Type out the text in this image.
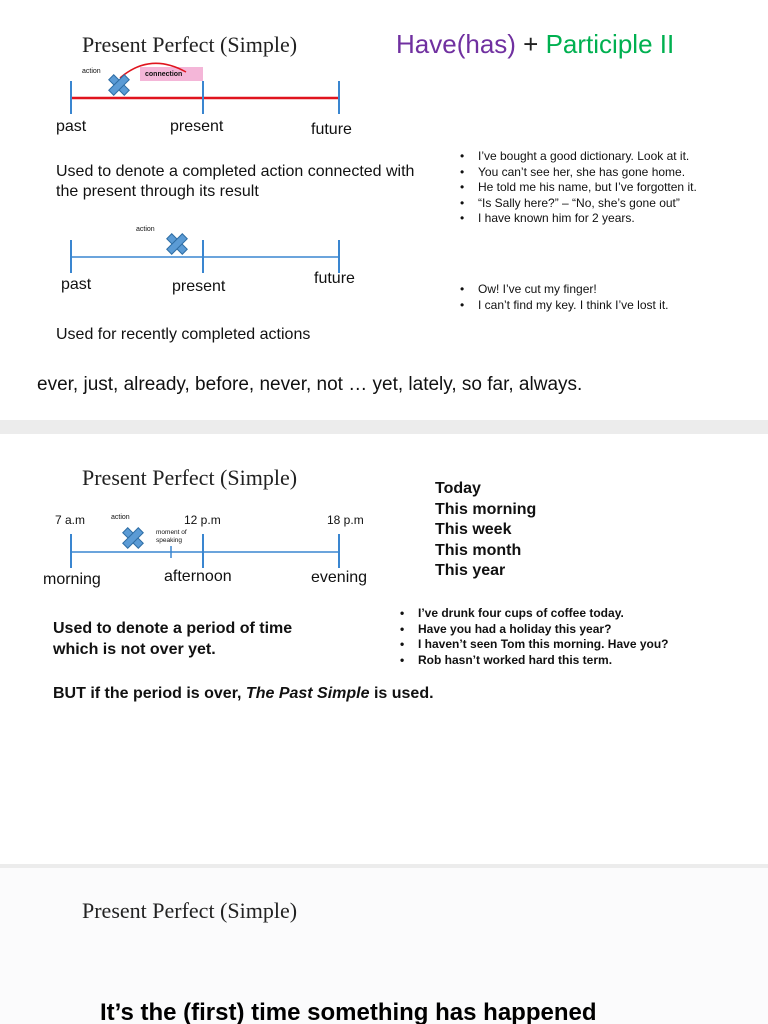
Present Perfect (Simple)	Have(has) + Participle II
action	connection
past	present	future
Used to denote a completed action connected with the present through its result
• I’ve bought a good dictionary. Look at it.
• You can’t see her, she has gone home.
• He told me his name, but I’ve forgotten it.
• “Is Sally here?” – “No, she’s gone out”
• I have known him for 2 years.
action
past	present	future
• Ow! I’ve cut my finger!
• I can’t find my key. I think I’ve lost it.
Used for recently completed actions
ever, just, already, before, never, not … yet, lately, so far, always.
Present Perfect (Simple)
7 a.m	12 p.m	18 p.m
action
moment of speaking
morning	afternoon	evening
Today
This morning
This week
This month
This year
• I’ve drunk four cups of coffee today.
• Have you had a holiday this year?
• I haven’t seen Tom this morning. Have you?
• Rob hasn’t worked hard this term.
Used to denote a period of time which is not over yet.
BUT if the period is over, The Past Simple is used.
Present Perfect (Simple)
It’s the (first) time something has happened
